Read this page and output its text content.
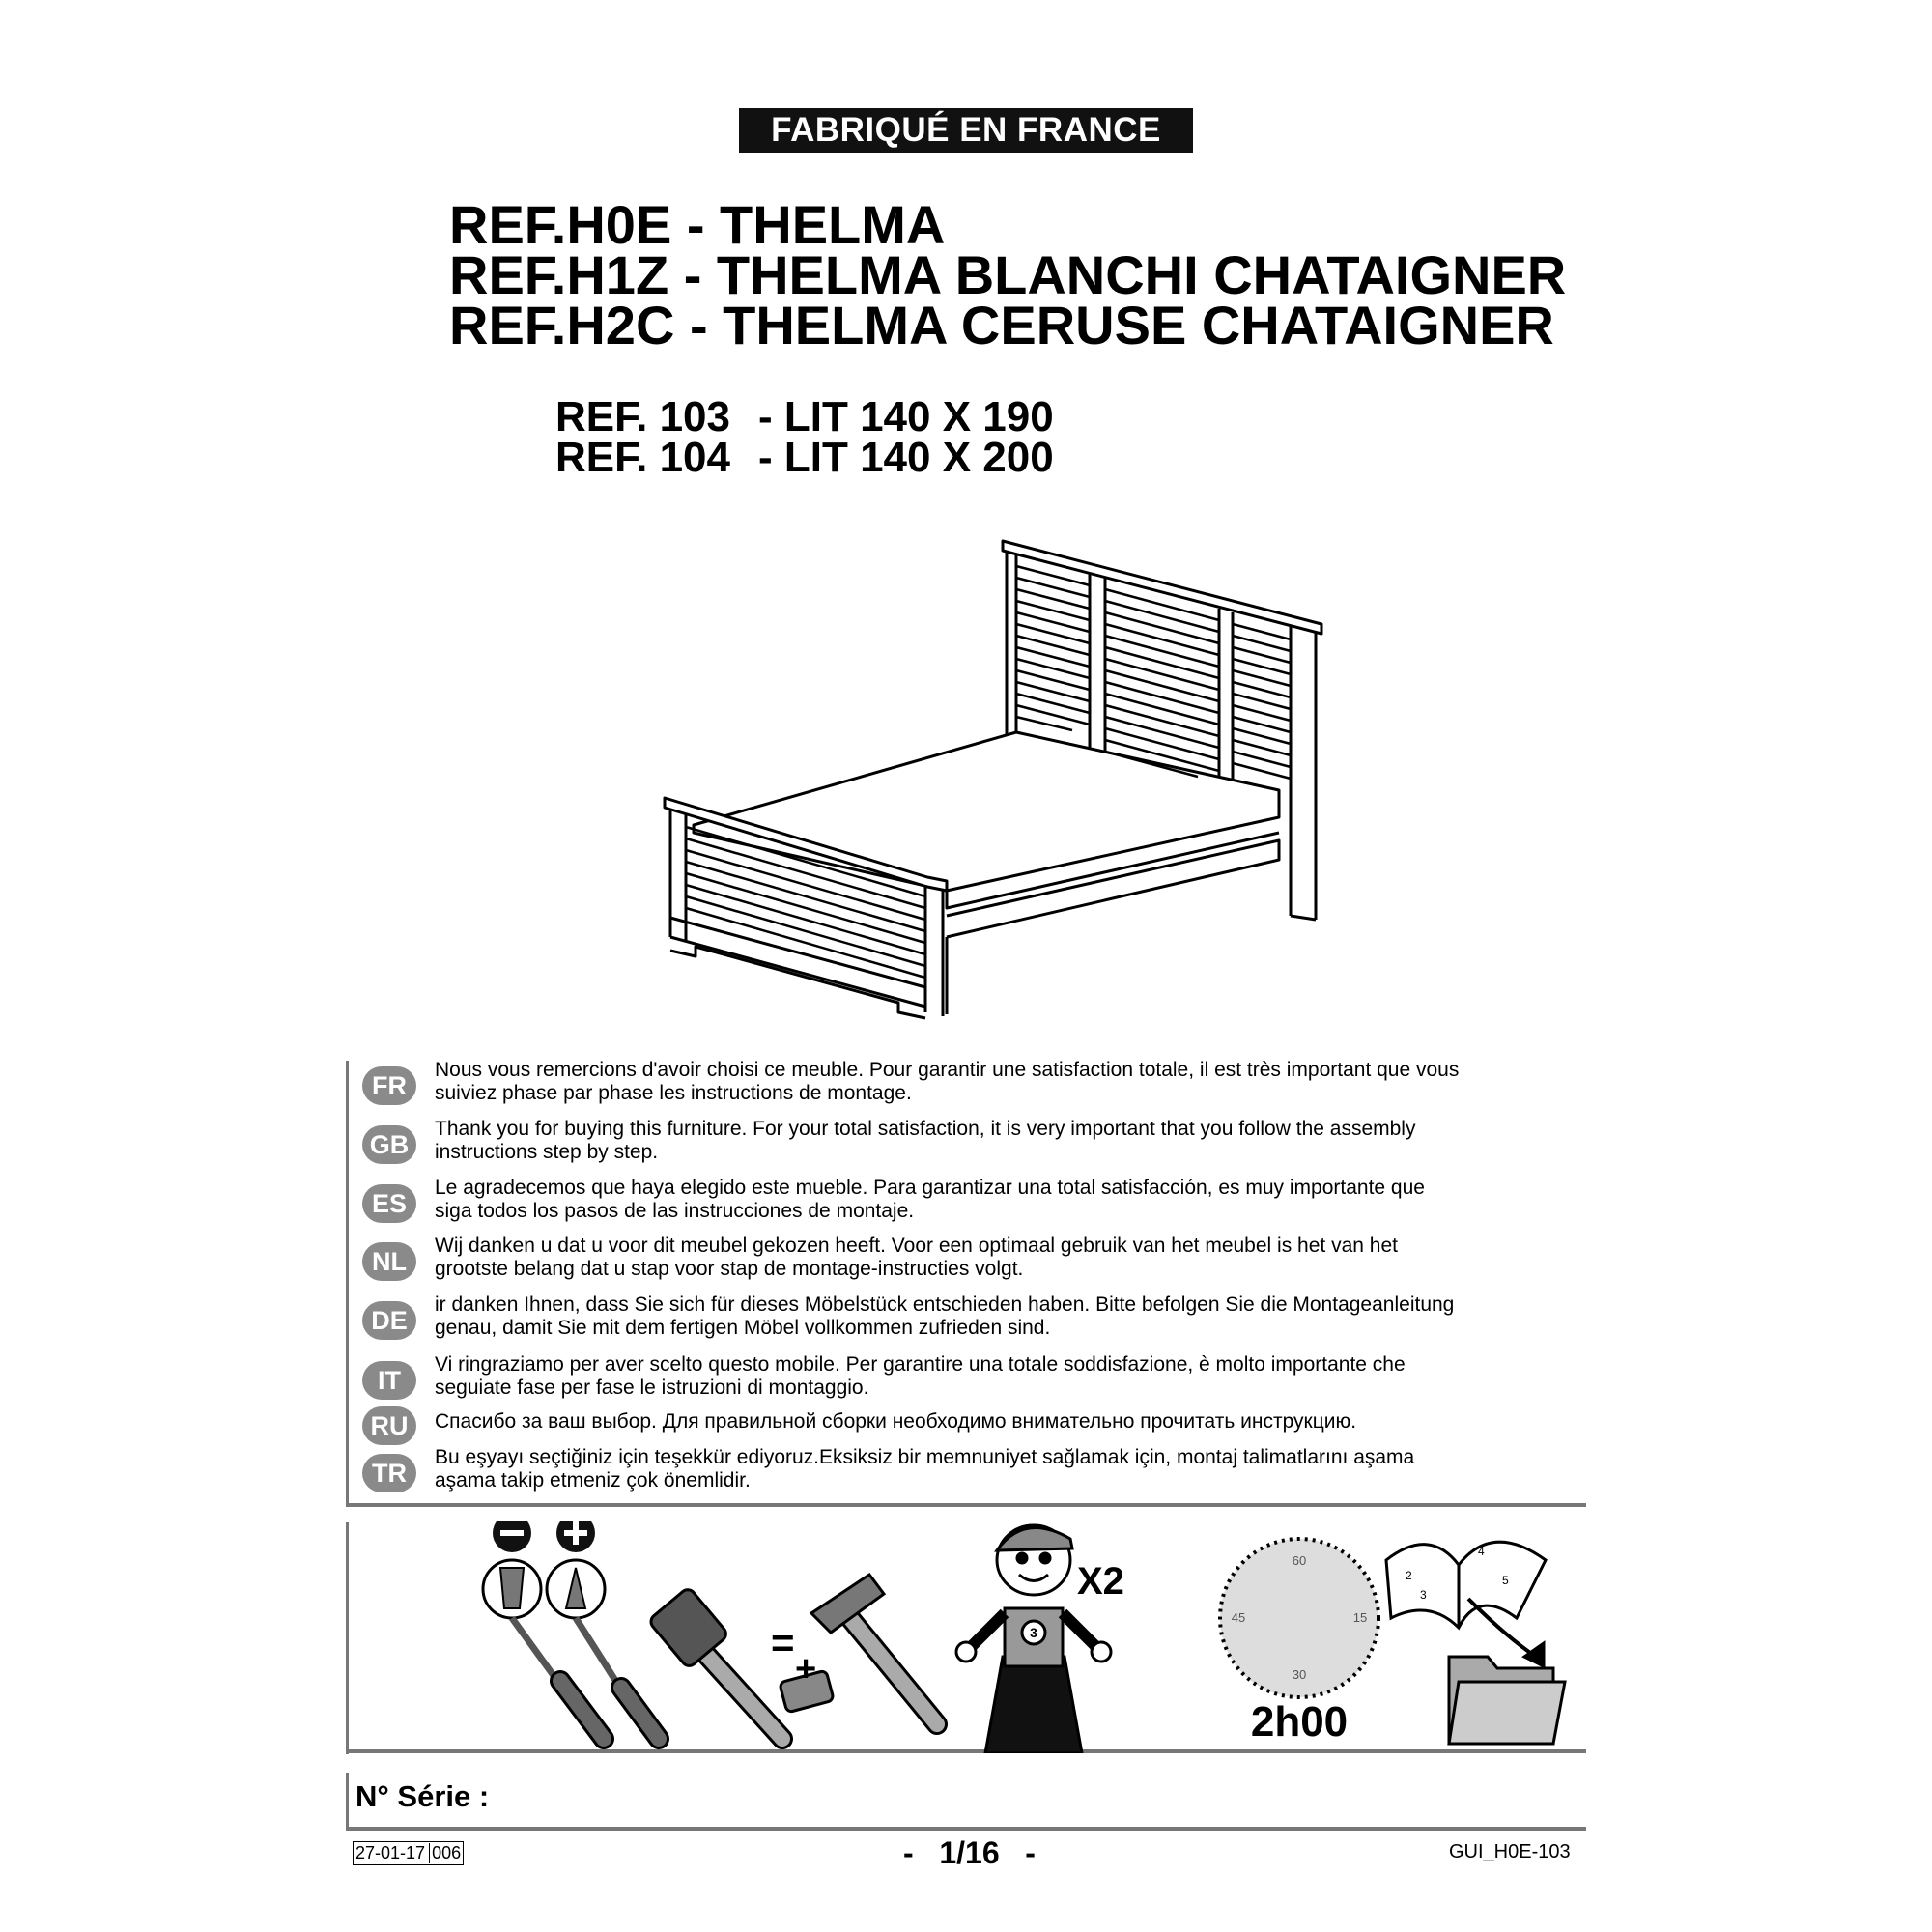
FABRIQUÉ EN FRANCE
REF.H0E - THELMA
REF.H1Z - THELMA BLANCHI CHATAIGNER
REF.H2C - THELMA CERUSE CHATAIGNER
REF. 103 - LIT 140 X 190
REF. 104 - LIT 140 X 200
FR
Nous vous remercions d'avoir choisi ce meuble. Pour garantir une satisfaction totale, il est très important que vous
suiviez phase par phase les instructions de montage.
GB
Thank you for buying this furniture. For your total satisfaction, it is very important that you follow the assembly
instructions step by step.
ES
Le agradecemos que haya elegido este mueble. Para garantizar una total satisfacción, es muy importante que
siga todos los pasos de las instrucciones de montaje.
NL
Wij danken u dat u voor dit meubel gekozen heeft. Voor een optimaal gebruik van het meubel is het van het
grootste belang dat u stap voor stap de montage-instructies volgt.
DE
ir danken Ihnen, dass Sie sich für dieses Möbelstück entschieden haben. Bitte befolgen Sie die Montageanleitung
genau, damit Sie mit dem fertigen Möbel vollkommen zufrieden sind.
IT
Vi ringraziamo per aver scelto questo mobile. Per garantire una totale soddisfazione, è molto importante che
seguiate fase per fase le istruzioni di montaggio.
RU	Спасибо за ваш выбор. Для правильной сборки необходимо внимательно прочитать инструкцию.
TR
Bu eşyayı seçtiğiniz için teşekkür ediyoruz.Eksiksiz bir memnuniyet sağlamak için, montaj talimatlarını aşama
aşama takip etmeniz çok önemlidir.
−
=
+
3
X2	60
15
30
45
2h00
2
4
3
5
N° Série :
27-01-17 006	-   1/16   -	GUI_H0E-103
